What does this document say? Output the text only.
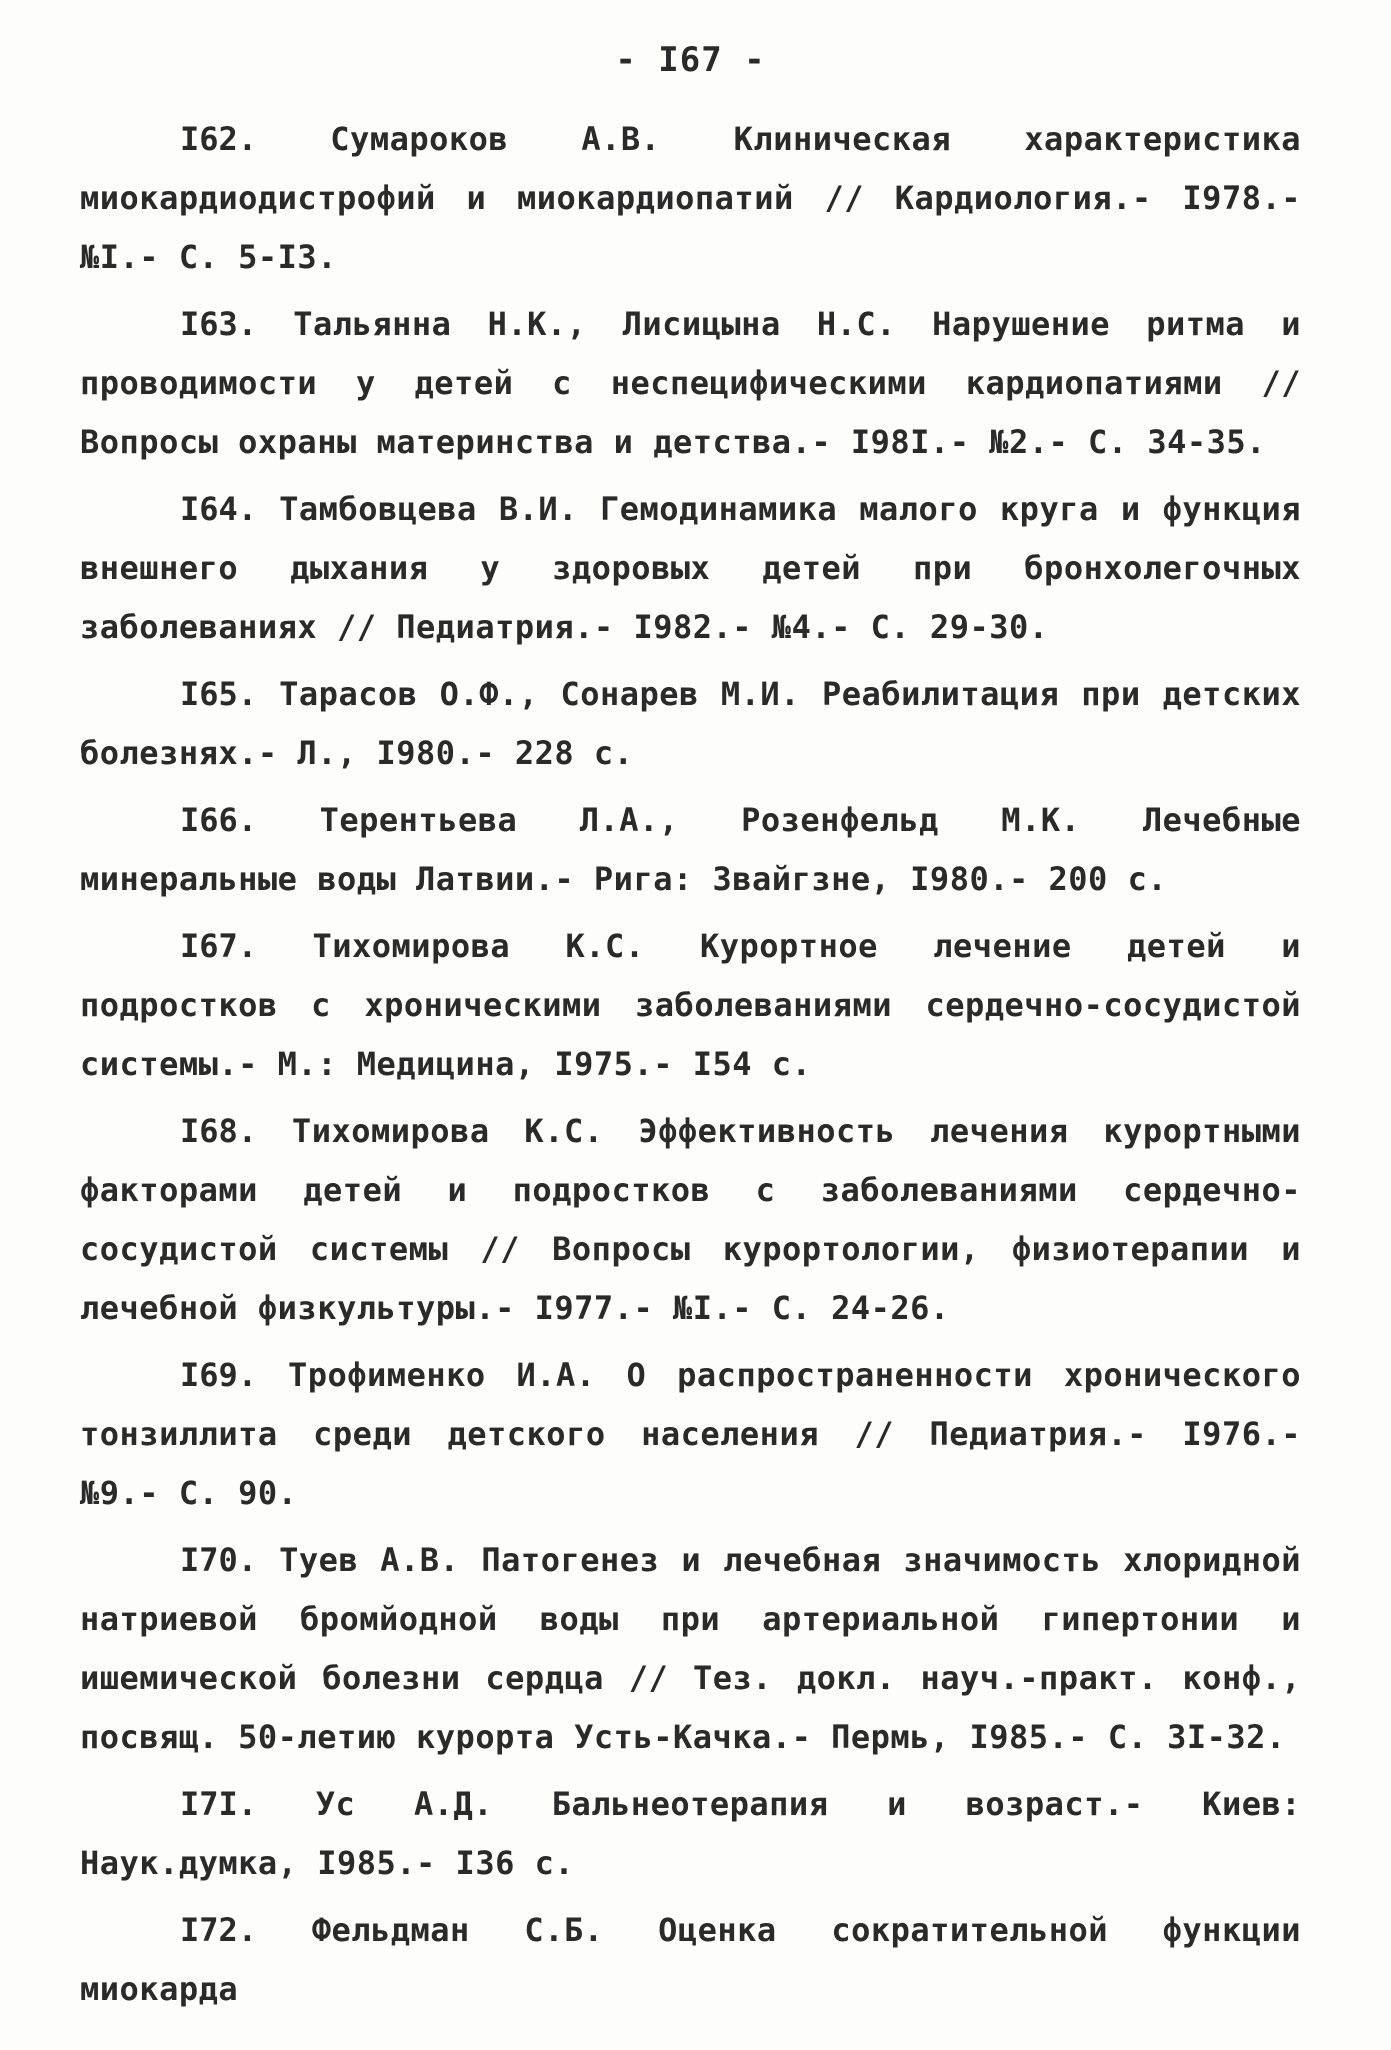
- I67 -
I62. Сумароков А.В. Клиническая характеристика миокардиодистрофий и миокардиопатий // Кардиология.- I978.- №I.- С. 5-I3.
I63. Тальянна Н.К., Лисицына Н.С. Нарушение ритма и проводимости у детей с неспецифическими кардиопатиями // Вопросы охраны материнства и детства.- I98I.- №2.- С. 34-35.
I64. Тамбовцева В.И. Гемодинамика малого круга и функция внешнего дыхания у здоровых детей при бронхолегочных заболеваниях // Педиатрия.- I982.- №4.- С. 29-30.
I65. Тарасов О.Ф., Сонарев М.И. Реабилитация при детских болезнях.- Л., I980.- 228 с.
I66. Терентьева Л.А., Розенфельд М.К. Лечебные минеральные воды Латвии.- Рига: Звайгзне, I980.- 200 с.
I67. Тихомирова К.С. Курортное лечение детей и подростков с хроническими заболеваниями сердечно-сосудистой системы.- М.: Медицина, I975.- I54 с.
I68. Тихомирова К.С. Эффективность лечения курортными факторами детей и подростков с заболеваниями сердечно-сосудистой системы // Вопросы курортологии, физиотерапии и лечебной физкультуры.- I977.- №I.- С. 24-26.
I69. Трофименко И.А. О распространенности хронического тонзиллита среди детского населения // Педиатрия.- I976.- №9.- С. 90.
I70. Туев А.В. Патогенез и лечебная значимость хлоридной натриевой бромйодной воды при артериальной гипертонии и ишемической болезни сердца // Тез. докл. науч.-практ. конф., посвящ. 50-летию курорта Усть-Качка.- Пермь, I985.- С. 3I-32.
I7I. Ус А.Д. Бальнеотерапия и возраст.- Киев: Наук.думка, I985.- I36 с.
I72. Фельдман С.Б. Оценка сократительной функции миокарда
